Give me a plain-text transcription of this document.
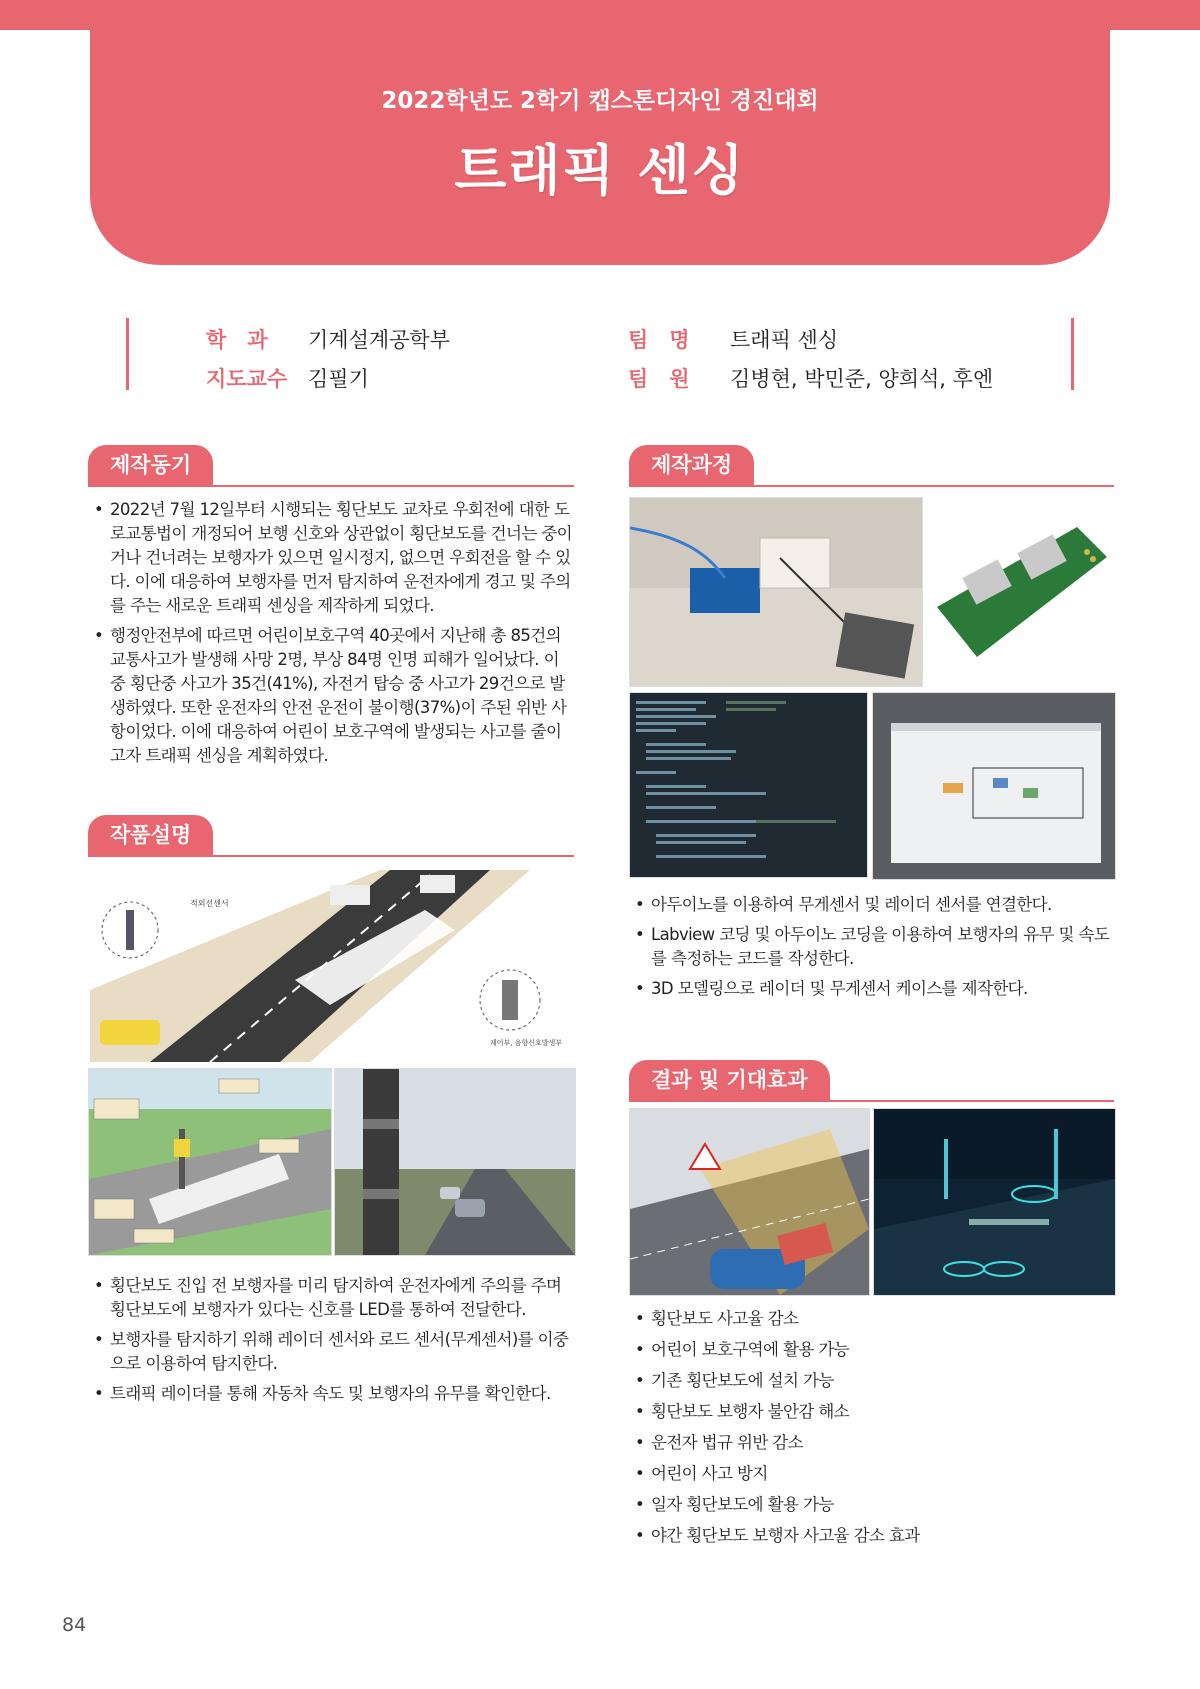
2022학년도 2학기 캡스톤디자인 경진대회
트래픽 센싱
학　과	기계설계공학부
지도교수 김필기
팀　명	트래픽 센싱
팀　원	김병현, 박민준, 양희석, 후엔
제작동기
• 2022년 7월 12일부터 시행되는 횡단보도 교차로 우회전에 대한 도로교통법이 개정되어 보행 신호와 상관없이 횡단보도를 건너는 중이거나 건너려는 보행자가 있으면 일시정지, 없으면 우회전을 할 수 있다. 이에 대응하여 보행자를 먼저 탐지하여 운전자에게 경고 및 주의를 주는 새로운 트래픽 센싱을 제작하게 되었다.
• 행정안전부에 따르면 어린이보호구역 40곳에서 지난해 총 85건의 교통사고가 발생해 사망 2명, 부상 84명 인명 피해가 일어났다. 이중 횡단중 사고가 35건(41%), 자전거 탑승 중 사고가 29건으로 발생하였다. 또한 운전자의 안전 운전이 불이행(37%)이 주된 위반 사항이었다. 이에 대응하여 어린이 보호구역에 발생되는 사고를 줄이고자 트래픽 센싱을 계획하였다.
작품설명
적외선센서
제어부, 음향신호발생부
• 횡단보도 진입 전 보행자를 미리 탐지하여 운전자에게 주의를 주며 횡단보도에 보행자가 있다는 신호를 LED를 통하여 전달한다.
• 보행자를 탐지하기 위해 레이더 센서와 로드 센서(무게센서)를 이중으로 이용하여 탐지한다.
• 트래픽 레이더를 통해 자동차 속도 및 보행자의 유무를 확인한다.
제작과정
• 아두이노를 이용하여 무게센서 및 레이더 센서를 연결한다.
• Labview 코딩 및 아두이노 코딩을 이용하여 보행자의 유무 및 속도를 측정하는 코드를 작성한다.
• 3D 모델링으로 레이더 및 무게센서 케이스를 제작한다.
결과 및 기대효과
• 횡단보도 사고율 감소
• 어린이 보호구역에 활용 가능
• 기존 횡단보도에 설치 가능
• 횡단보도 보행자 불안감 해소
• 운전자 법규 위반 감소
• 어린이 사고 방지
• 일자 횡단보도에 활용 가능
• 야간 횡단보도 보행자 사고율 감소 효과
84
